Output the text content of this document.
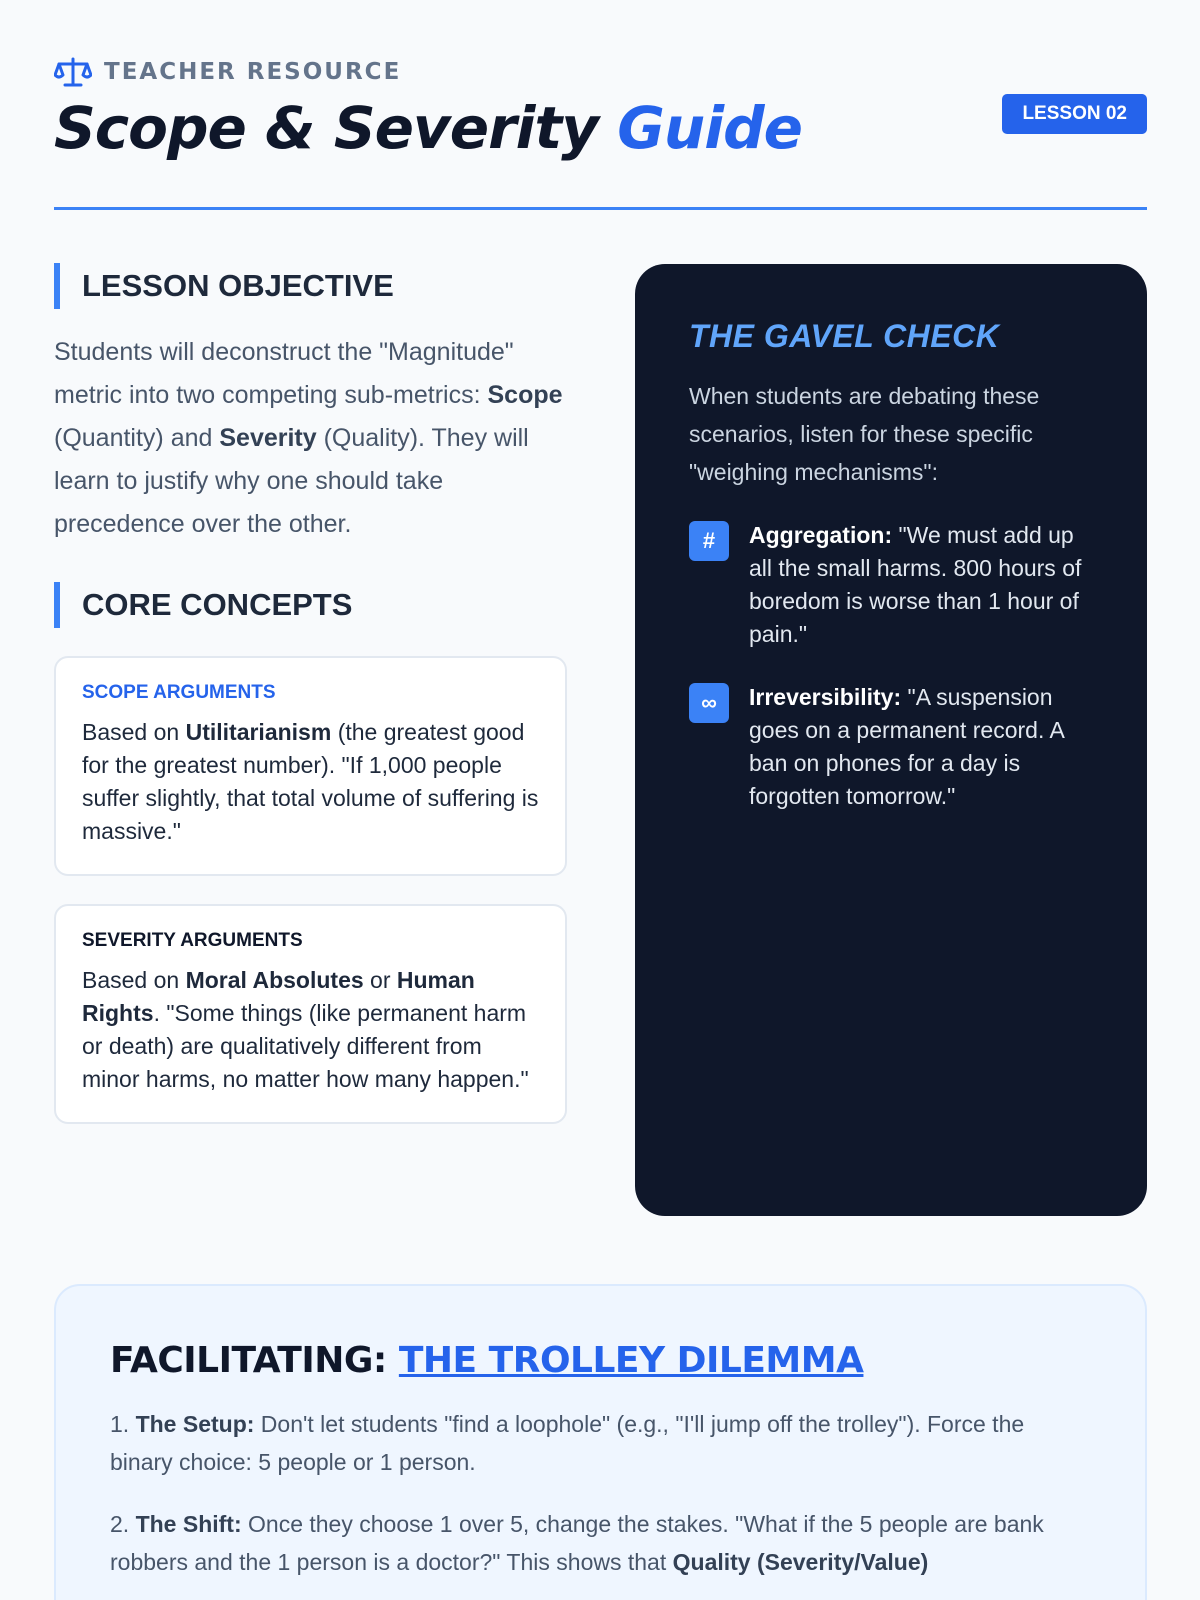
TEACHER RESOURCE
Scope & Severity Guide	LESSON 02
LESSON OBJECTIVE

Students will deconstruct the "Magnitude" metric into two competing sub-metrics: Scope (Quantity) and Severity (Quality). They will learn to justify why one should take precedence over the other.

CORE CONCEPTS
SCOPE ARGUMENTS

Based on Utilitarianism (the greatest good for the greatest number). "If 1,000 people suffer slightly, that total volume of suffering is massive."

SEVERITY ARGUMENTS

Based on Moral Absolutes or Human Rights. "Some things (like permanent harm or death) are qualitatively different from minor harms, no matter how many happen."

THE GAVEL CHECK

When students are debating these scenarios, listen for these specific "weighing mechanisms":

#	Aggregation: "We must add up all the small harms. 800 hours of boredom is worse than 1 hour of pain."

∞	Irreversibility: "A suspension goes on a permanent record. A ban on phones for a day is forgotten tomorrow."

FACILITATING: THE TROLLEY DILEMMA

1. The Setup: Don't let students "find a loophole" (e.g., "I'll jump off the trolley"). Force the binary choice: 5 people or 1 person.

2. The Shift: Once they choose 1 over 5, change the stakes. "What if the 5 people are bank robbers and the 1 person is a doctor?" This shows that Quality (Severity/Value)
